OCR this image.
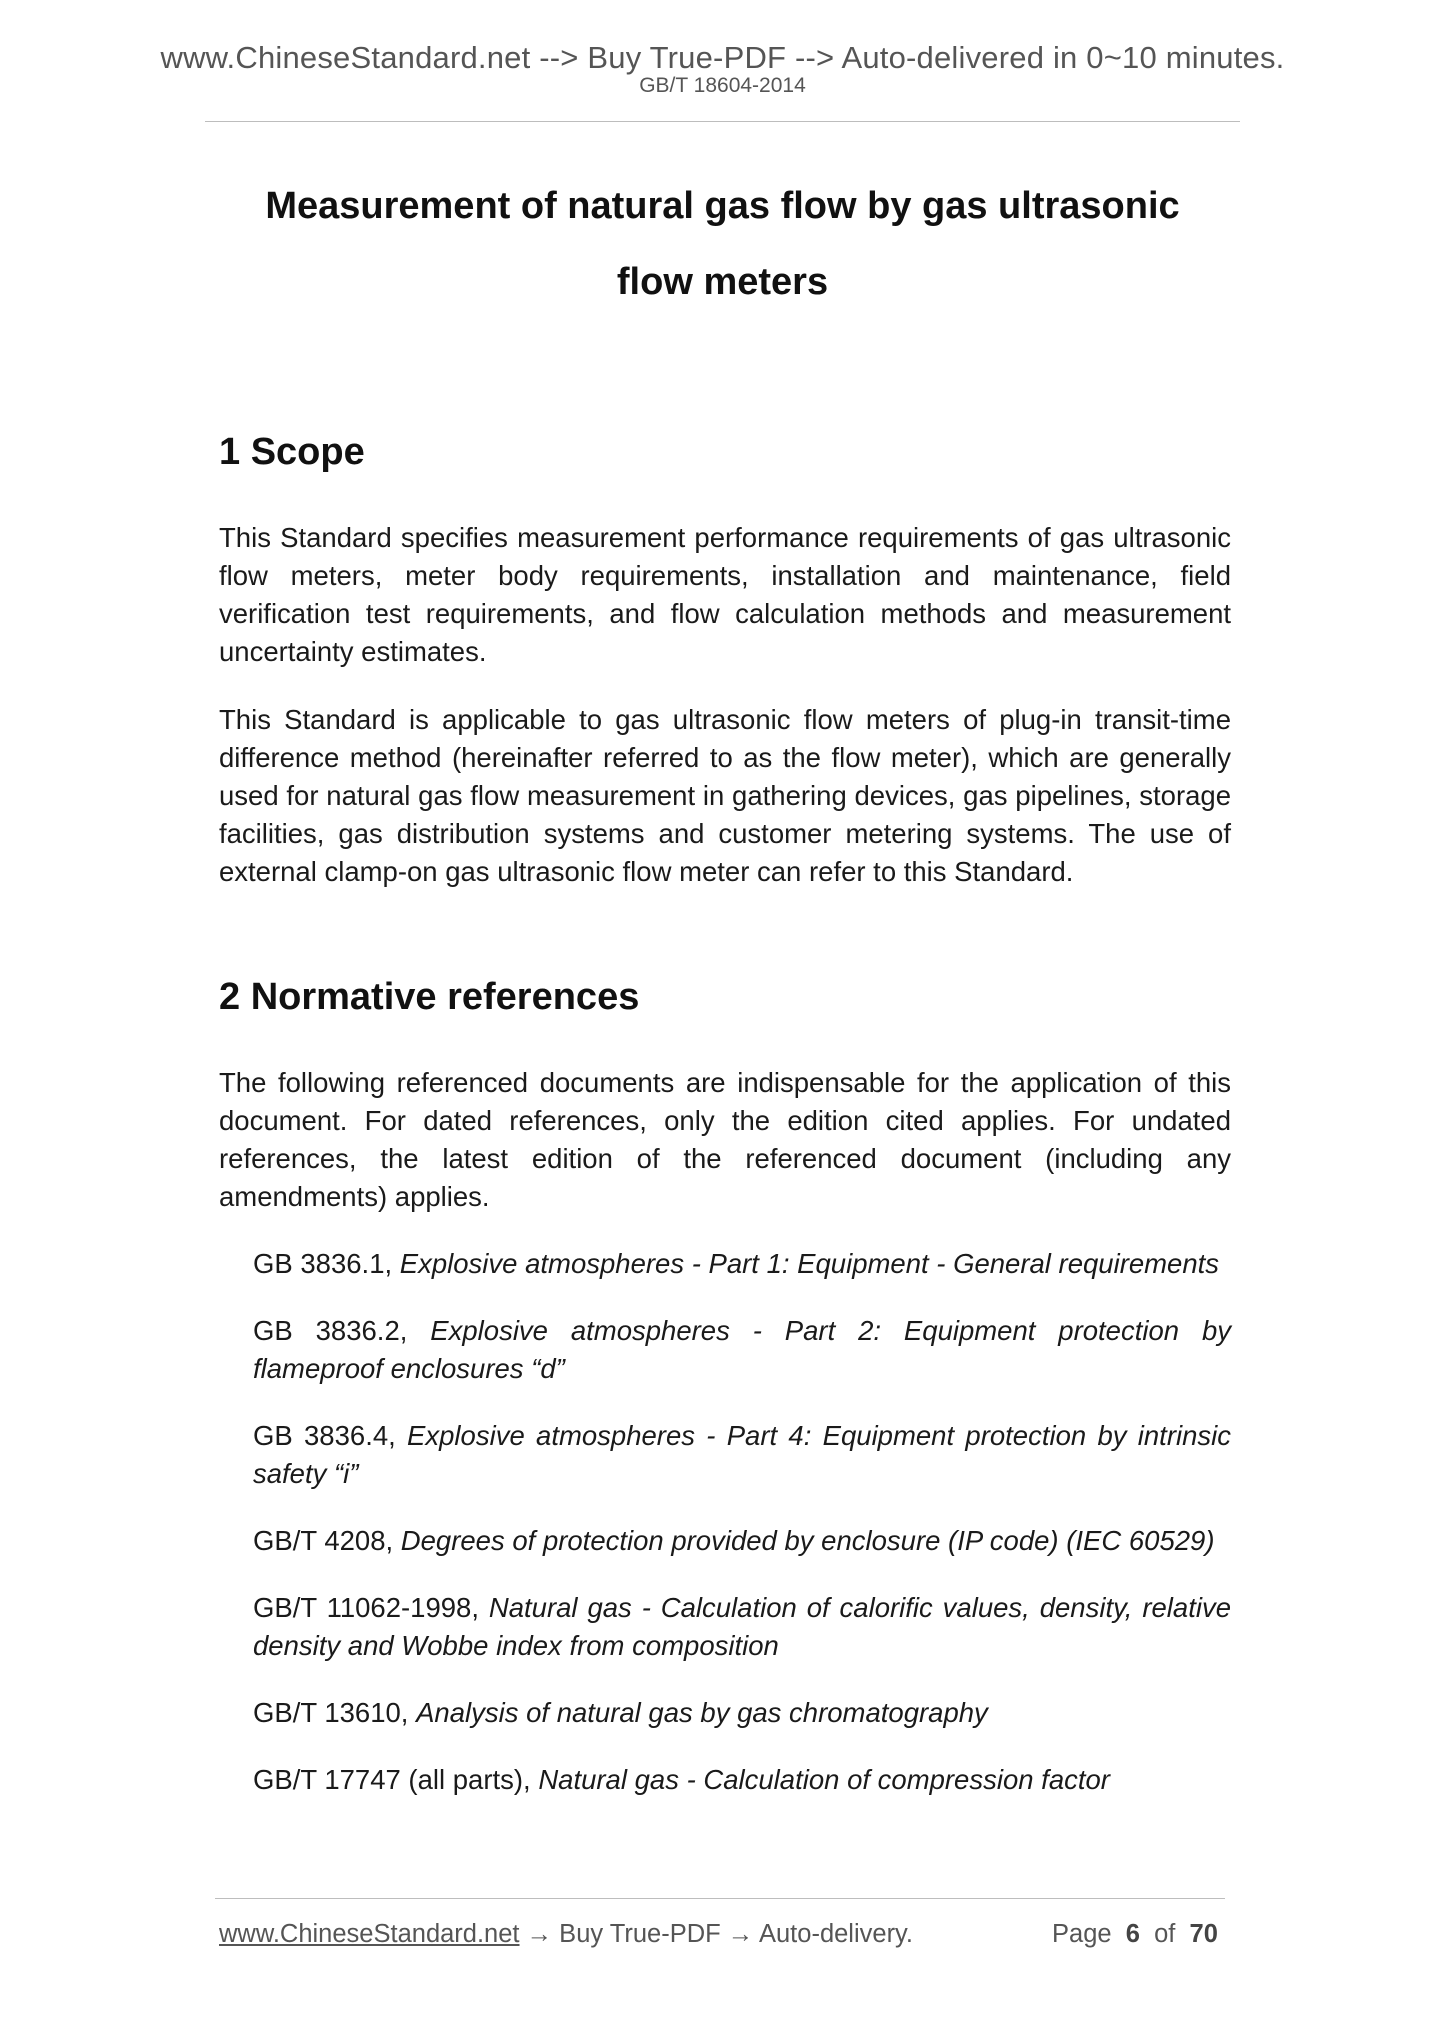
www.ChineseStandard.net --> Buy True-PDF --> Auto-delivered in 0~10 minutes.
GB/T 18604-2014
Measurement of natural gas flow by gas ultrasonic
flow meters
1 Scope
This Standard specifies measurement performance requirements of gas ultrasonic flow meters, meter body requirements, installation and maintenance, field verification test requirements, and flow calculation methods and measurement uncertainty estimates.
This Standard is applicable to gas ultrasonic flow meters of plug-in transit-time difference method (hereinafter referred to as the flow meter), which are generally used for natural gas flow measurement in gathering devices, gas pipelines, storage facilities, gas distribution systems and customer metering systems. The use of external clamp-on gas ultrasonic flow meter can refer to this Standard.
2 Normative references
The following referenced documents are indispensable for the application of this document. For dated references, only the edition cited applies. For undated references, the latest edition of the referenced document (including any amendments) applies.

GB 3836.1, Explosive atmospheres - Part 1: Equipment - General requirements

GB 3836.2, Explosive atmospheres - Part 2: Equipment protection by flameproof enclosures “d”

GB 3836.4, Explosive atmospheres - Part 4: Equipment protection by intrinsic safety “i”

GB/T 4208, Degrees of protection provided by enclosure (IP code) (IEC 60529)

GB/T 11062-1998, Natural gas - Calculation of calorific values, density, relative density and Wobbe index from composition

GB/T 13610, Analysis of natural gas by gas chromatography

GB/T 17747 (all parts), Natural gas - Calculation of compression factor

www.ChineseStandard.net → Buy True-PDF → Auto-delivery.	Page 6 of 70
